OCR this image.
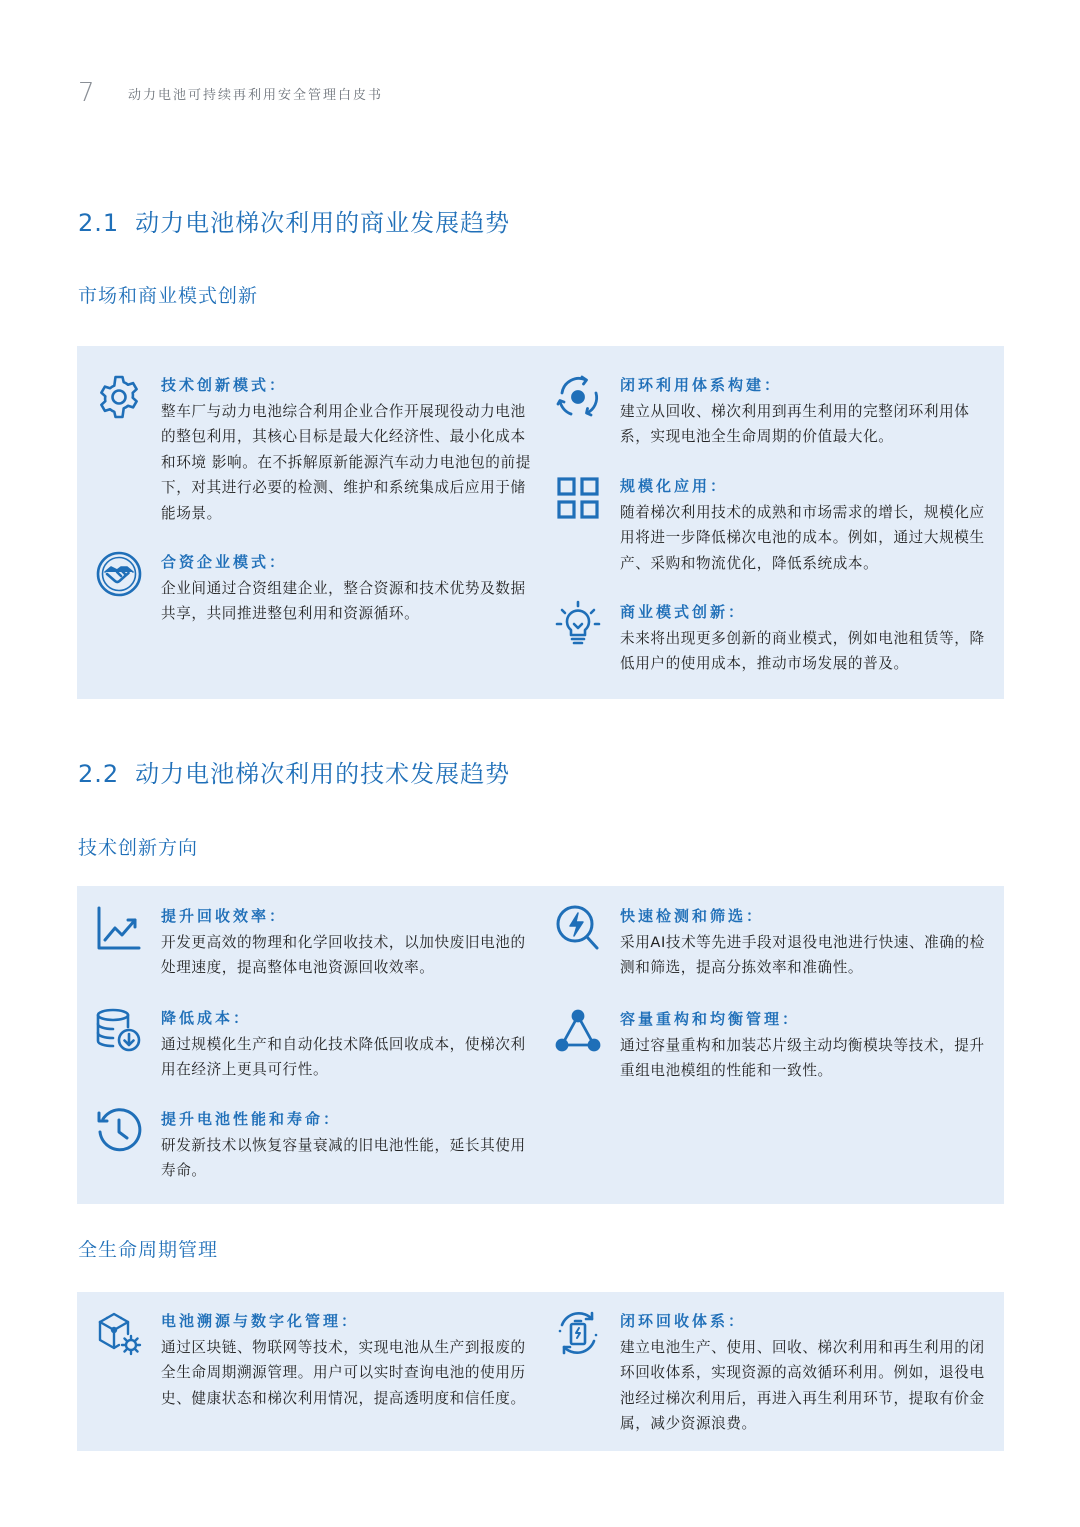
7	动力电池可持续再利用安全管理白皮书
2.1 动力电池梯次利用的商业发展趋势
市场和商业模式创新
技术创新模式：
整车厂与动力电池综合利用企业合作开展现役动力电池的整包利用，其核心目标是最大化经济性、最小化成本和环境 影响。在不拆解原新能源汽车动力电池包的前提下，对其进行必要的检测、维护和系统集成后应用于储能场景。
合资企业模式：
企业间通过合资组建企业，整合资源和技术优势及数据共享，共同推进整包利用和资源循环。
闭环利用体系构建：
建立从回收、梯次利用到再生利用的完整闭环利用体系，实现电池全生命周期的价值最大化。
规模化应用：
随着梯次利用技术的成熟和市场需求的增长，规模化应用将进一步降低梯次电池的成本。例如，通过大规模生产、采购和物流优化，降低系统成本。
商业模式创新：
未来将出现更多创新的商业模式，例如电池租赁等，降低用户的使用成本，推动市场发展的普及。
2.2 动力电池梯次利用的技术发展趋势
技术创新方向
提升回收效率：
开发更高效的物理和化学回收技术，以加快废旧电池的处理速度，提高整体电池资源回收效率。
降低成本：
通过规模化生产和自动化技术降低回收成本，使梯次利用在经济上更具可行性。
提升电池性能和寿命：
研发新技术以恢复容量衰减的旧电池性能，延长其使用寿命。
快速检测和筛选：
采用AI技术等先进手段对退役电池进行快速、准确的检测和筛选，提高分拣效率和准确性。
容量重构和均衡管理：
通过容量重构和加装芯片级主动均衡模块等技术，提升重组电池模组的性能和一致性。
全生命周期管理
电池溯源与数字化管理：
通过区块链、物联网等技术，实现电池从生产到报废的全生命周期溯源管理。用户可以实时查询电池的使用历史、健康状态和梯次利用情况，提高透明度和信任度。
闭环回收体系：
建立电池生产、使用、回收、梯次利用和再生利用的闭环回收体系，实现资源的高效循环利用。例如，退役电池经过梯次利用后，再进入再生利用环节，提取有价金属，减少资源浪费。
